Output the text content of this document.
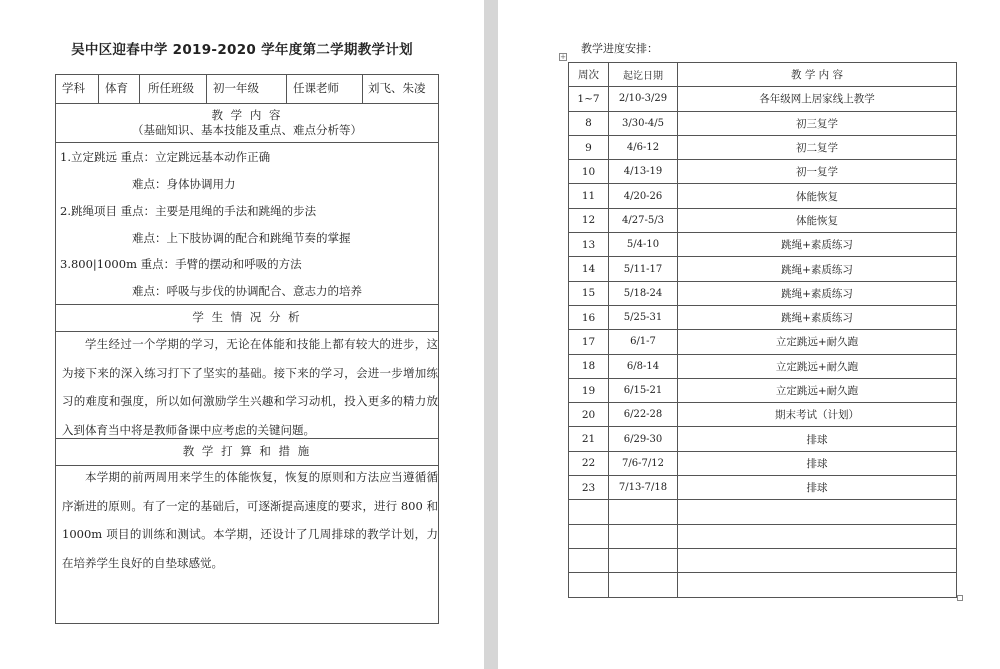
吴中区迎春中学 2019-2020 学年度第二学期教学计划
学科 体育 所任班级 初一年级	任课老师	刘飞、朱凌
教 学 内 容
（基础知识、基本技能及重点、难点分析等）
1.立定跳远 重点：立定跳远基本动作正确
难点：身体协调用力
2.跳绳项目 重点：主要是甩绳的手法和跳绳的步法
难点：上下肢协调的配合和跳绳节奏的掌握
3.800|1000m 重点：手臂的摆动和呼吸的方法
难点：呼吸与步伐的协调配合、意志力的培养
学 生 情 况 分 析
学生经过一个学期的学习，无论在体能和技能上都有较大的进步，这为接下来的深入练习打下了坚实的基础。接下来的学习，会进一步增加练习的难度和强度，所以如何激励学生兴趣和学习动机，投入更多的精力放入到体育当中将是教师备课中应考虑的关键问题。
教 学 打 算 和 措 施
本学期的前两周用来学生的体能恢复，恢复的原则和方法应当遵循循序渐进的原则。有了一定的基础后，可逐渐提高速度的要求，进行 800 和 1000m 项目的训练和测试。本学期，还设计了几周排球的教学计划，力在培养学生良好的自垫球感觉。
教学进度安排：
+
周次	起讫日期	教 学 内 容
1~7	2/10-3/29	各年级网上居家线上教学
8	3/30-4/5	初三复学
9	4/6-12	初二复学
10	4/13-19	初一复学
11	4/20-26	体能恢复
12	4/27-5/3	体能恢复
13	5/4-10	跳绳+素质练习
14	5/11-17	跳绳+素质练习
15	5/18-24	跳绳+素质练习
16	5/25-31	跳绳+素质练习
17	6/1-7	立定跳远+耐久跑
18	6/8-14	立定跳远+耐久跑
19	6/15-21	立定跳远+耐久跑
20	6/22-28	期末考试（计划）
21	6/29-30	排球
22	7/6-7/12	排球
23	7/13-7/18	排球
